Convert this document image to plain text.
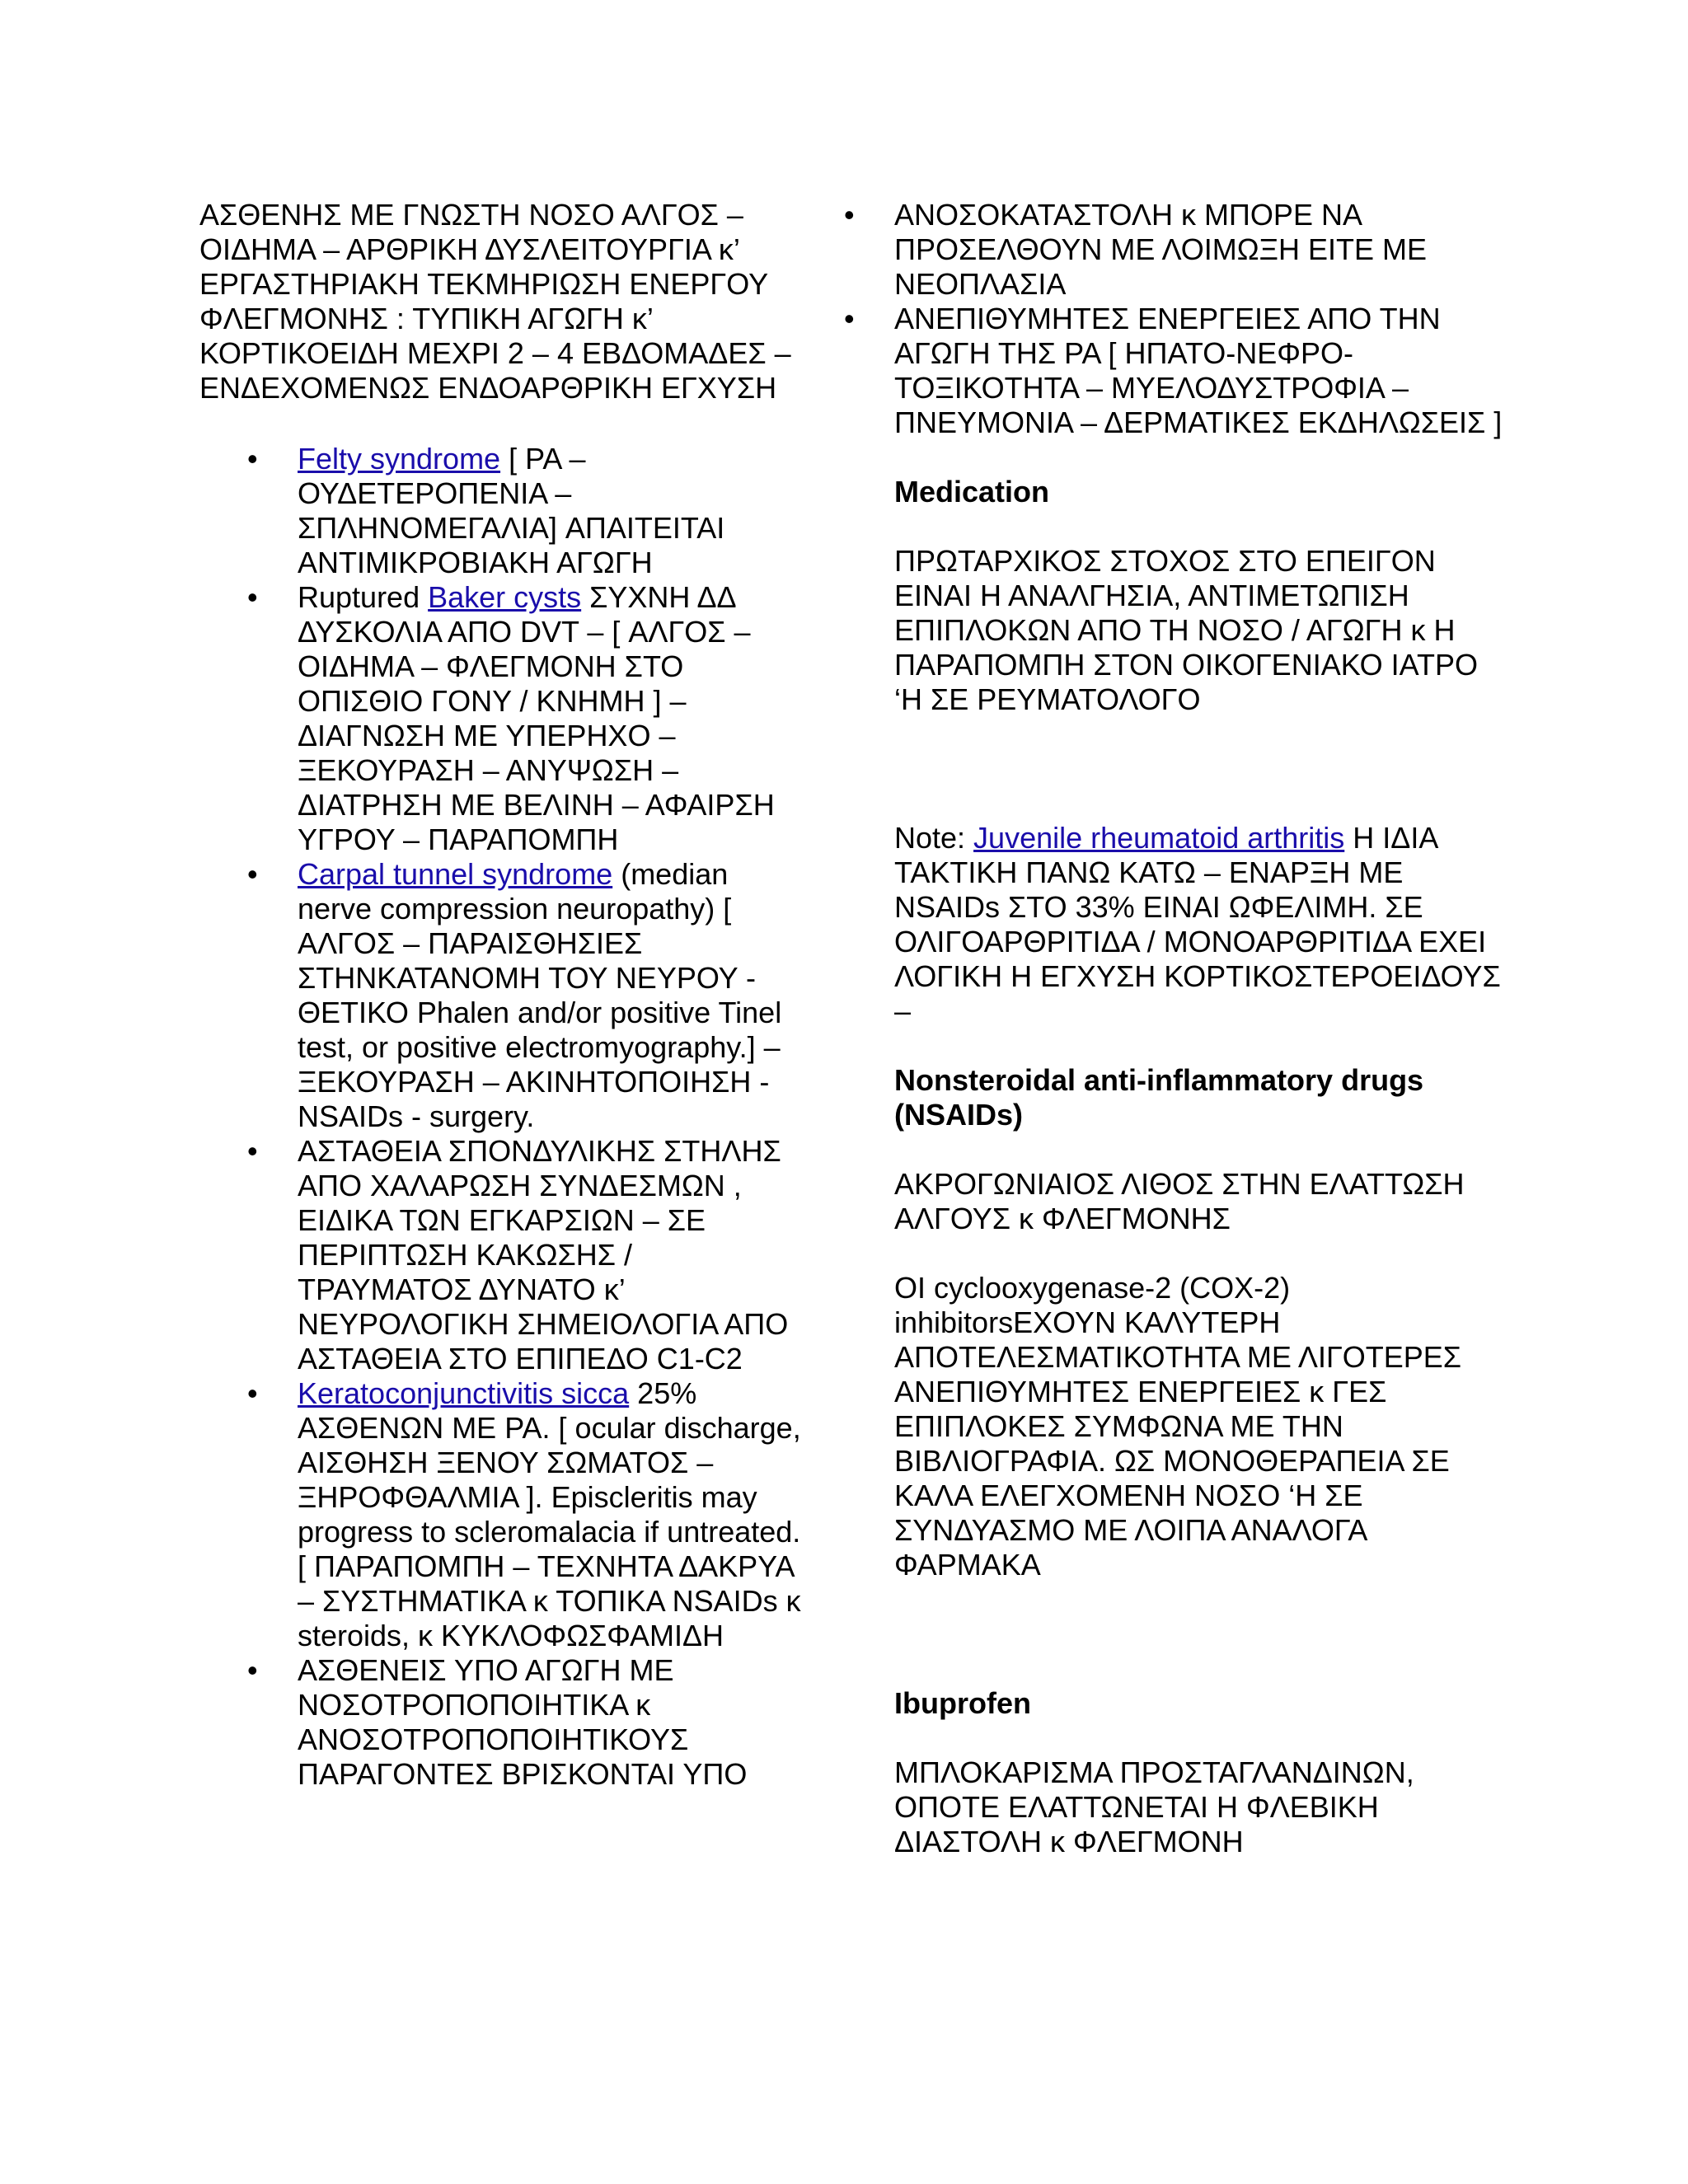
ΑΣΘΕΝΗΣ ΜΕ ΓΝΩΣΤΗ ΝΟΣΟ ΑΛΓΟΣ – ΟΙΔΗΜΑ – ΑΡΘΡΙΚΗ ΔΥΣΛΕΙΤΟΥΡΓΙΑ κ’ ΕΡΓΑΣΤΗΡΙΑΚΗ ΤΕΚΜΗΡΙΩΣΗ ΕΝΕΡΓΟΥ ΦΛΕΓΜΟΝΗΣ : ΤΥΠΙΚΗ ΑΓΩΓΗ κ’ ΚΟΡΤΙΚΟΕΙΔΗ ΜΕΧΡΙ 2 – 4 ΕΒΔΟΜΑΔΕΣ – ΕΝΔΕΧΟΜΕΝΩΣ ΕΝΔΟΑΡΘΡΙΚΗ ΕΓΧΥΣΗ

• Felty syndrome [ ΡΑ – ΟΥΔΕΤΕΡΟΠΕΝΙΑ – ΣΠΛΗΝΟΜΕΓΑΛΙΑ] ΑΠΑΙΤΕΙΤΑΙ ΑΝΤΙΜΙΚΡΟΒΙΑΚΗ ΑΓΩΓΗ
• Ruptured Baker cysts ΣΥΧΝΗ ΔΔ ΔΥΣΚΟΛΙΑ ΑΠΟ DVT – [ ΑΛΓΟΣ – ΟΙΔΗΜΑ – ΦΛΕΓΜΟΝΗ ΣΤΟ ΟΠΙΣΘΙΟ ΓΟΝΥ / ΚΝΗΜΗ ] – ΔΙΑΓΝΩΣΗ ΜΕ ΥΠΕΡΗΧΟ – ΞΕΚΟΥΡΑΣΗ – ΑΝΥΨΩΣΗ – ΔΙΑΤΡΗΣΗ ΜΕ ΒΕΛΙΝΗ – ΑΦΑΙΡΣΗ ΥΓΡΟΥ – ΠΑΡΑΠΟΜΠΗ
• Carpal tunnel syndrome (median nerve compression neuropathy) [ ΑΛΓΟΣ – ΠΑΡΑΙΣΘΗΣΙΕΣ ΣΤΗΝΚΑΤΑΝΟΜΗ ΤΟΥ ΝΕΥΡΟΥ - ΘΕΤΙΚΟ Phalen and/or positive Tinel test, or positive electromyography.] – ΞΕΚΟΥΡΑΣΗ – ΑΚΙΝΗΤΟΠΟΙΗΣΗ - NSAIDs - surgery.
• ΑΣΤΑΘΕΙΑ ΣΠΟΝΔΥΛΙΚΗΣ ΣΤΗΛΗΣ ΑΠΟ ΧΑΛΑΡΩΣΗ ΣΥΝΔΕΣΜΩΝ , ΕΙΔΙΚΑ ΤΩΝ ΕΓΚΑΡΣΙΩΝ – ΣΕ ΠΕΡΙΠΤΩΣΗ ΚΑΚΩΣΗΣ / ΤΡΑΥΜΑΤΟΣ ΔΥΝΑΤΟ κ’ ΝΕΥΡΟΛΟΓΙΚΗ ΣΗΜΕΙΟΛΟΓΙΑ ΑΠΟ ΑΣΤΑΘΕΙΑ ΣΤΟ ΕΠΙΠΕΔΟ C1-C2
• Keratoconjunctivitis sicca 25% ΑΣΘΕΝΩΝ ΜΕ ΡΑ. [ ocular discharge, ΑΙΣΘΗΣΗ ΞΕΝΟΥ ΣΩΜΑΤΟΣ – ΞΗΡΟΦΘΑΛΜΙΑ ]. Episcleritis may progress to scleromalacia if untreated. [ ΠΑΡΑΠΟΜΠΗ – ΤΕΧΝΗΤΑ ΔΑΚΡΥΑ – ΣΥΣΤΗΜΑΤΙΚΑ κ ΤΟΠΙΚΑ NSAIDs κ steroids, κ ΚΥΚΛΟΦΩΣΦΑΜΙΔΗ
• ΑΣΘΕΝΕΙΣ ΥΠΟ ΑΓΩΓΗ ΜΕ ΝΟΣΟΤΡΟΠΟΠΟΙΗΤΙΚΑ κ ΑΝΟΣΟΤΡΟΠΟΠΟΙΗΤΙΚΟΥΣ ΠΑΡΑΓΟΝΤΕΣ ΒΡΙΣΚΟΝΤΑΙ ΥΠΟ
• ΑΝΟΣΟΚΑΤΑΣΤΟΛΗ κ ΜΠΟΡΕ ΝΑ ΠΡΟΣΕΛΘΟΥΝ ΜΕ ΛΟΙΜΩΞΗ ΕΙΤΕ ΜΕ ΝΕΟΠΛΑΣΙΑ
• ΑΝΕΠΙΘΥΜΗΤΕΣ ΕΝΕΡΓΕΙΕΣ ΑΠΟ ΤΗΝ ΑΓΩΓΗ ΤΗΣ ΡΑ [ ΗΠΑΤΟ-ΝΕΦΡΟ- ΤΟΞΙΚΟΤΗΤΑ – ΜΥΕΛΟΔΥΣΤΡΟΦΙΑ – ΠΝΕΥΜΟΝΙΑ – ΔΕΡΜΑΤΙΚΕΣ ΕΚΔΗΛΩΣΕΙΣ ]
Medication

ΠΡΩΤΑΡΧΙΚΟΣ ΣΤΟΧΟΣ ΣΤΟ ΕΠΕΙΓΟΝ ΕΙΝΑΙ Η ΑΝΑΛΓΗΣΙΑ, ΑΝΤΙΜΕΤΩΠΙΣΗ ΕΠΙΠΛΟΚΩΝ ΑΠΟ ΤΗ ΝΟΣΟ / ΑΓΩΓΗ κ Η ΠΑΡΑΠΟΜΠΗ ΣΤΟΝ ΟΙΚΟΓΕΝΙΑΚΟ ΙΑΤΡΟ ‘Η ΣΕ ΡΕΥΜΑΤΟΛΟΓΟ

Note: Juvenile rheumatoid arthritis Η ΙΔΙΑ ΤΑΚΤΙΚΗ ΠΑΝΩ ΚΑΤΩ – ΕΝΑΡΞΗ ΜΕ NSAIDs ΣΤΟ 33% ΕΙΝΑΙ ΩΦΕΛΙΜΗ. ΣΕ ΟΛΙΓΟΑΡΘΡΙΤΙΔΑ / ΜΟΝΟΑΡΘΡΙΤΙΔΑ ΕΧΕΙ ΛΟΓΙΚΗ Η ΕΓΧΥΣΗ ΚΟΡΤΙΚΟΣΤΕΡΟΕΙΔΟΥΣ –

Nonsteroidal anti-inflammatory drugs (NSAIDs)

ΑΚΡΟΓΩΝΙΑΙΟΣ ΛΙΘΟΣ ΣΤΗΝ ΕΛΑΤΤΩΣΗ ΑΛΓΟΥΣ κ ΦΛΕΓΜΟΝΗΣ

ΟΙ cyclooxygenase-2 (COX-2) inhibitorsΕΧΟΥΝ ΚΑΛΥΤΕΡΗ ΑΠΟΤΕΛΕΣΜΑΤΙΚΟΤΗΤΑ ΜΕ ΛΙΓΟΤΕΡΕΣ ΑΝΕΠΙΘΥΜΗΤΕΣ ΕΝΕΡΓΕΙΕΣ κ ΓΕΣ ΕΠΙΠΛΟΚΕΣ ΣΥΜΦΩΝΑ ΜΕ ΤΗΝ ΒΙΒΛΙΟΓΡΑΦΙΑ. ΩΣ ΜΟΝΟΘΕΡΑΠΕΙΑ ΣΕ ΚΑΛΑ ΕΛΕΓΧΟΜΕΝΗ ΝΟΣΟ ‘Η ΣΕ ΣΥΝΔΥΑΣΜΟ ΜΕ ΛΟΙΠΑ ΑΝΑΛΟΓΑ ΦΑΡΜΑΚΑ

Ibuprofen

ΜΠΛΟΚΑΡΙΣΜΑ ΠΡΟΣΤΑΓΛΑΝΔΙΝΩΝ, ΟΠΟΤΕ ΕΛΑΤΤΩΝΕΤΑΙ Η ΦΛΕΒΙΚΗ ΔΙΑΣΤΟΛΗ κ ΦΛΕΓΜΟΝΗ
